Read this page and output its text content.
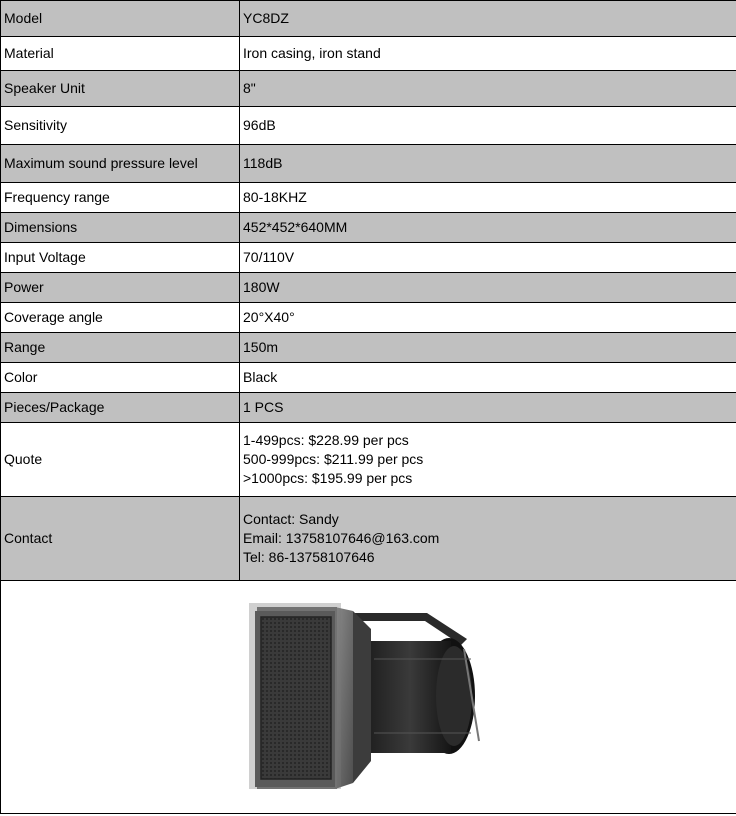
Model	YC8DZ
Material	Iron casing, iron stand
Speaker Unit	8"
Sensitivity	96dB
Maximum sound pressure level	118dB
Frequency range	80-18KHZ
Dimensions	452*452*640MM
Input Voltage	70/110V
Power	180W
Coverage angle	20°X40°
Range	150m
Color	Black
Pieces/Package	1 PCS
Quote	1-499pcs: $228.99 per pcs
500-999pcs: $211.99 per pcs
>1000pcs: $195.99 per pcs

Contact	Contact: Sandy
Email: 13758107646@163.com
Tel: 86-13758107646
